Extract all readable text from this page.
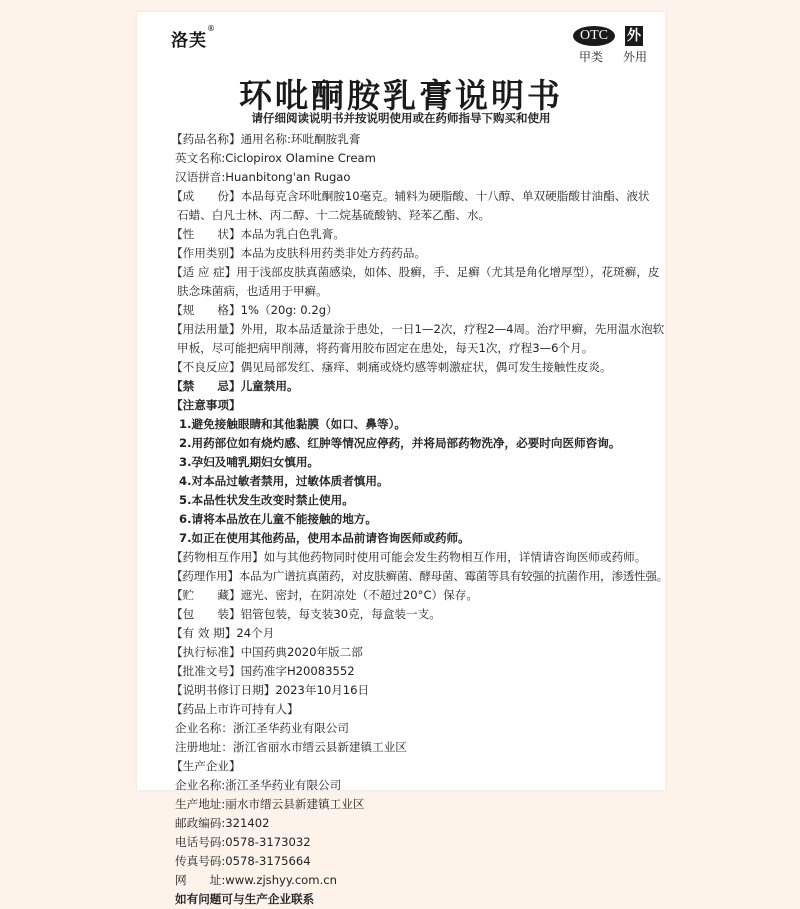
洛芙®	OTC	外
甲类 外用
环吡酮胺乳膏说明书
请仔细阅读说明书并按说明使用或在药师指导下购买和使用
【药品名称】通用名称:环吡酮胺乳膏
英文名称:Ciclopirox Olamine Cream
汉语拼音:Huanbitong'an Rugao
【成　　份】本品每克含环吡酮胺10毫克。辅料为硬脂酸、十八醇、单双硬脂酸甘油酯、液状
石蜡、白凡士林、丙二醇、十二烷基硫酸钠、羟苯乙酯、水。
【性　　状】本品为乳白色乳膏。
【作用类别】本品为皮肤科用药类非处方药药品。
【适 应 症】用于浅部皮肤真菌感染，如体、股癣，手、足癣（尤其是角化增厚型），花斑癣，皮
肤念珠菌病，也适用于甲癣。
【规　　格】1%（20g: 0.2g）
【用法用量】外用，取本品适量涂于患处，一日1—2次，疗程2—4周。治疗甲癣，先用温水泡软
甲板，尽可能把病甲削薄，将药膏用胶布固定在患处，每天1次，疗程3—6个月。
【不良反应】偶见局部发红、瘙痒、刺痛或烧灼感等刺激症状，偶可发生接触性皮炎。
【禁　　忌】儿童禁用。
【注意事项】
1.避免接触眼睛和其他黏膜（如口、鼻等）。
2.用药部位如有烧灼感、红肿等情况应停药，并将局部药物洗净，必要时向医师咨询。
3.孕妇及哺乳期妇女慎用。
4.对本品过敏者禁用，过敏体质者慎用。
5.本品性状发生改变时禁止使用。
6.请将本品放在儿童不能接触的地方。
7.如正在使用其他药品，使用本品前请咨询医师或药师。
【药物相互作用】如与其他药物同时使用可能会发生药物相互作用，详情请咨询医师或药师。
【药理作用】本品为广谱抗真菌药，对皮肤癣菌、酵母菌、霉菌等具有较强的抗菌作用，渗透性强。
【贮　　藏】遮光、密封，在阴凉处（不超过20°C）保存。
【包　　装】铝管包装，每支装30克，每盒装一支。
【有 效 期】24个月
【执行标准】中国药典2020年版二部
【批准文号】国药准字H20083552
【说明书修订日期】2023年10月16日
【药品上市许可持有人】
企业名称：浙江圣华药业有限公司
注册地址：浙江省丽水市缙云县新建镇工业区
【生产企业】
企业名称:浙江圣华药业有限公司
生产地址:丽水市缙云县新建镇工业区
邮政编码:321402
电话号码:0578-3173032
传真号码:0578-3175664
网　　址:www.zjshyy.com.cn
如有问题可与生产企业联系
